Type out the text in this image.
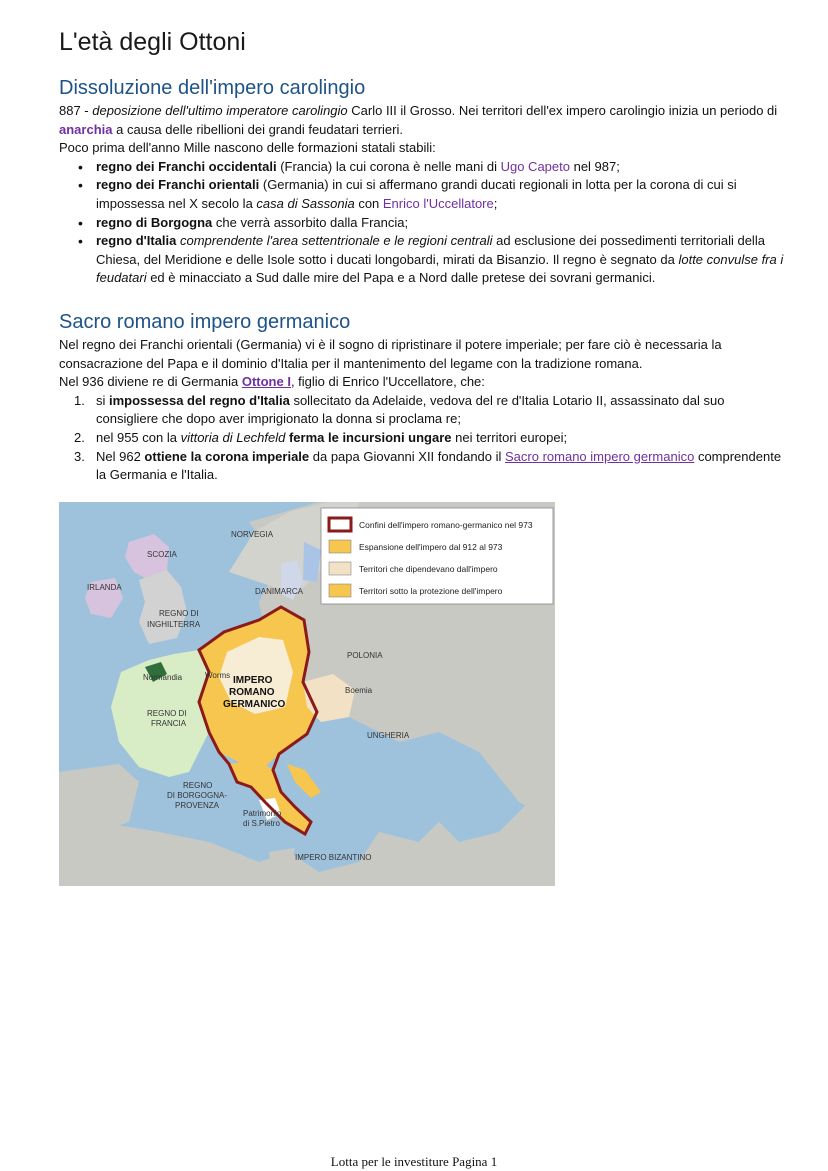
L'età degli Ottoni
Dissoluzione dell'impero carolingio

887 - deposizione dell'ultimo imperatore carolingio Carlo III il Grosso. Nei territori dell'ex impero carolingio inizia un periodo di anarchia a causa delle ribellioni dei grandi feudatari terrieri.

Poco prima dell'anno Mille nascono delle formazioni statali stabili:

• regno dei Franchi occidentali (Francia) la cui corona è nelle mani di Ugo Capeto nel 987;
• regno dei Franchi orientali (Germania) in cui si affermano grandi ducati regionali in lotta per la corona di cui si impossessa nel X secolo la casa di Sassonia con Enrico l'Uccellatore;
• regno di Borgogna che verrà assorbito dalla Francia;
• regno d'Italia comprendente l'area settentrionale e le regioni centrali ad esclusione dei possedimenti territoriali della Chiesa, del Meridione e delle Isole sotto i ducati longobardi, mirati da Bisanzio. Il regno è segnato da lotte convulse fra i feudatari ed è minacciato a Sud dalle mire del Papa e a Nord dalle pretese dei sovrani germanici.
Sacro romano impero germanico

Nel regno dei Franchi orientali (Germania) vi è il sogno di ripristinare il potere imperiale; per fare ciò è necessaria la consacrazione del Papa e il dominio d'Italia per il mantenimento del legame con la tradizione romana.

Nel 936 diviene re di Germania Ottone I, figlio di Enrico l'Uccellatore, che:

1. si impossessa del regno d'Italia sollecitato da Adelaide, vedova del re d'Italia Lotario II, assassinato dal suo consigliere che dopo aver imprigionato la donna si proclama re;
2. nel 955 con la vittoria di Lechfeld ferma le incursioni ungare nei territori europei;
3. Nel 962 ottiene la corona imperiale da papa Giovanni XII fondando il Sacro romano impero germanico comprendente la Germania e l'Italia.
NORVEGIA
SCOZIA
IRLANDA	DANIMARCA
REGNO DI
INGHILTERRA
POLONIA
Normandia	Worms IMPERO
ROMANO
GERMANICO
Boemia
REGNO DI
FRANCIA
UNGHERIA
REGNO
DI BORGOGNA-
PROVENZA
Patrimonio
di S.Pietro
IMPERO BIZANTINO
Confini dell'impero romano-germanico nel 973
Espansione dell'impero dal 912 al 973
Territori che dipendevano dall'impero
Territori sotto la protezione dell'impero
Lotta per le investiture Pagina 1
